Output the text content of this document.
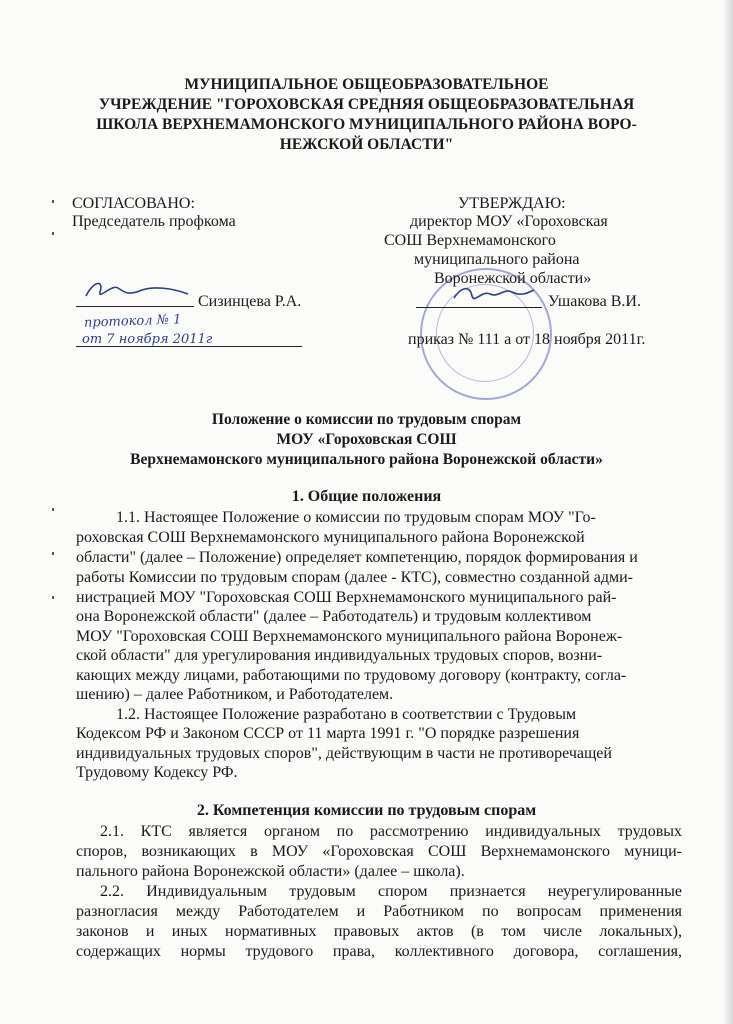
МУНИЦИПАЛЬНОЕ ОБЩЕОБРАЗОВАТЕЛЬНОЕ
УЧРЕЖДЕНИЕ "ГОРОХОВСКАЯ СРЕДНЯЯ ОБЩЕОБРАЗОВАТЕЛЬНАЯ
ШКОЛА ВЕРХНЕМАМОНСКОГО МУНИЦИПАЛЬНОГО РАЙОНА ВОРО-
НЕЖСКОЙ ОБЛАСТИ"
СОГЛАСОВАНО:
Председатель профкома
Сизинцева Р.А.
протокол № 1
от 7 ноября 2011г
УТВЕРЖДАЮ:
директор МОУ «Гороховская
СОШ Верхнемамонского
муниципального района
Воронежской области»
Ушакова В.И.
приказ № 111 а от 18 ноября 2011г.
Положение о комиссии по трудовым спорам
МОУ «Гороховская СОШ
Верхнемамонского муниципального района Воронежской области»
1. Общие положения
1.1. Настоящее Положение о комиссии по трудовым спорам МОУ "Го-
роховская СОШ Верхнемамонского муниципального района Воронежской
области" (далее – Положение) определяет компетенцию, порядок формирования и
работы Комиссии по трудовым спорам (далее - КТС), совместно созданной адми-
нистрацией МОУ "Гороховская СОШ Верхнемамонского муниципального рай-
она Воронежской области" (далее – Работодатель) и трудовым коллективом
МОУ "Гороховская СОШ Верхнемамонского муниципального района Воронеж-
ской области" для урегулирования индивидуальных трудовых споров, возни-
кающих между лицами, работающими по трудовому договору (контракту, согла-
шению) – далее Работником, и Работодателем.
1.2. Настоящее Положение разработано в соответствии с Трудовым
Кодексом РФ и Законом СССР от 11 марта 1991 г. "О порядке разрешения
индивидуальных трудовых споров", действующим в части не противоречащей
Трудовому Кодексу РФ.
2. Компетенция комиссии по трудовым спорам
2.1. КТС является органом по рассмотрению индивидуальных трудовых
споров, возникающих в МОУ «Гороховская СОШ Верхнемамонского муници-
пального района Воронежской области» (далее – школа).
2.2. Индивидуальным трудовым спором признается неурегулированные
разногласия между Работодателем и Работником по вопросам применения
законов и иных нормативных правовых актов (в том числе локальных),
содержащих нормы трудового права, коллективного договора, соглашения,
